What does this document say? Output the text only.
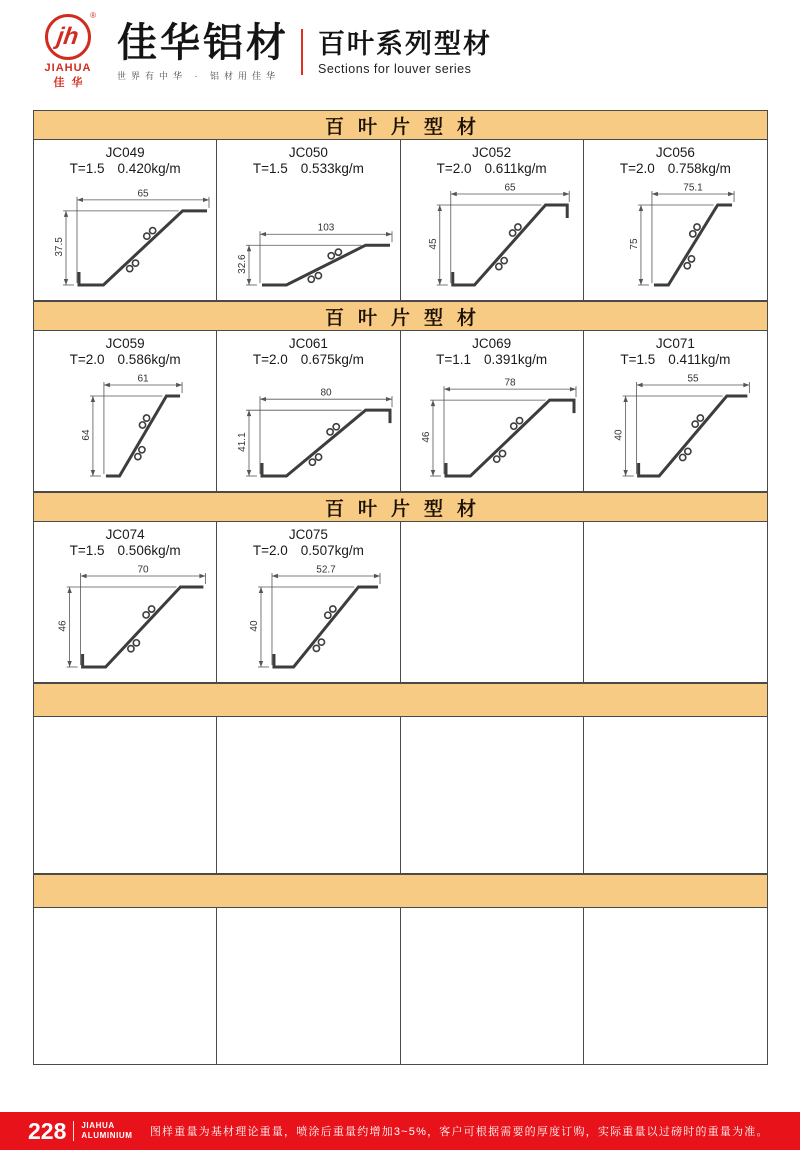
jh
®
JIAHUA
佳华
佳华铝材
世界有中华 · 铝材用佳华
百叶系列型材
Sections for louver series
百叶片型材
JC049
T=1.5 0.420kg/m
65
37.5
JC050
T=1.5 0.533kg/m
103
32.6
JC052
T=2.0 0.611kg/m
65
45
JC056
T=2.0 0.758kg/m
75.1
75
百叶片型材
JC059
T=2.0 0.586kg/m
61
64
JC061
T=2.0 0.675kg/m
80
41.1
JC069
T=1.1 0.391kg/m
78
46
JC071
T=1.5 0.411kg/m
55
40
百叶片型材
JC074
T=1.5 0.506kg/m
70
46
JC075
T=2.0 0.507kg/m
52.7
40
228 JIAHUA
ALUMINIUM	图样重量为基材理论重量，喷涂后重量约增加3~5%，客户可根据需要的厚度订购，实际重量以过磅时的重量为准。
